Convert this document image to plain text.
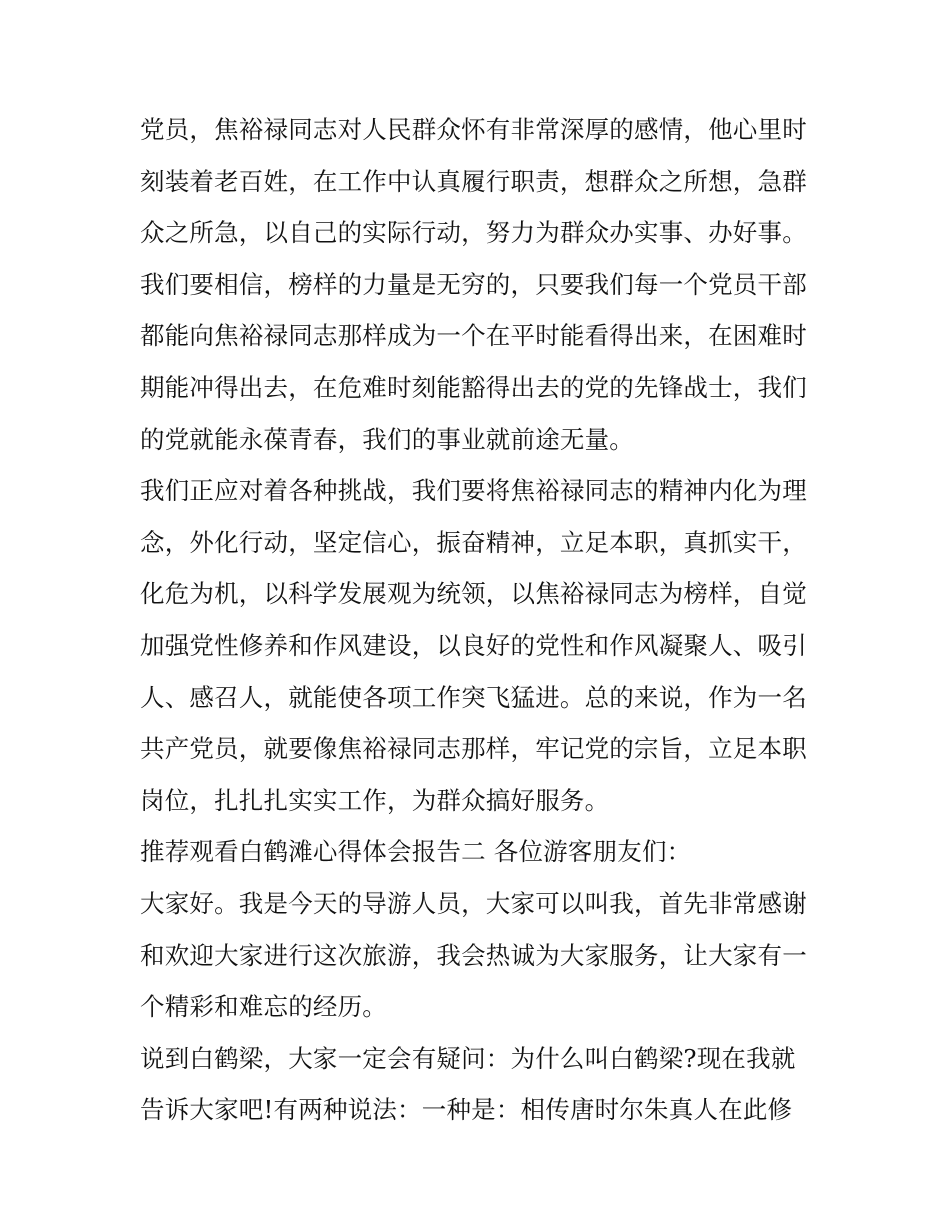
党员，焦裕禄同志对人民群众怀有非常深厚的感情，他心里时
刻装着老百姓，在工作中认真履行职责，想群众之所想，急群
众之所急，以自己的实际行动，努力为群众办实事、办好事。
我们要相信，榜样的力量是无穷的，只要我们每一个党员干部
都能向焦裕禄同志那样成为一个在平时能看得出来，在困难时
期能冲得出去，在危难时刻能豁得出去的党的先锋战士，我们
的党就能永葆青春，我们的事业就前途无量。
我们正应对着各种挑战，我们要将焦裕禄同志的精神内化为理
念，外化行动，坚定信心，振奋精神，立足本职，真抓实干，
化危为机，以科学发展观为统领，以焦裕禄同志为榜样，自觉
加强党性修养和作风建设，以良好的党性和作风凝聚人、吸引
人、感召人，就能使各项工作突飞猛进。总的来说，作为一名
共产党员，就要像焦裕禄同志那样，牢记党的宗旨，立足本职
岗位，扎扎扎实实工作，为群众搞好服务。
推荐观看白鹤滩心得体会报告二 各位游客朋友们：
大家好。我是今天的导游人员，大家可以叫我，首先非常感谢
和欢迎大家进行这次旅游，我会热诚为大家服务，让大家有一
个精彩和难忘的经历。
说到白鹤梁，大家一定会有疑问：为什么叫白鹤梁?现在我就
告诉大家吧!有两种说法：一种是：相传唐时尔朱真人在此修
